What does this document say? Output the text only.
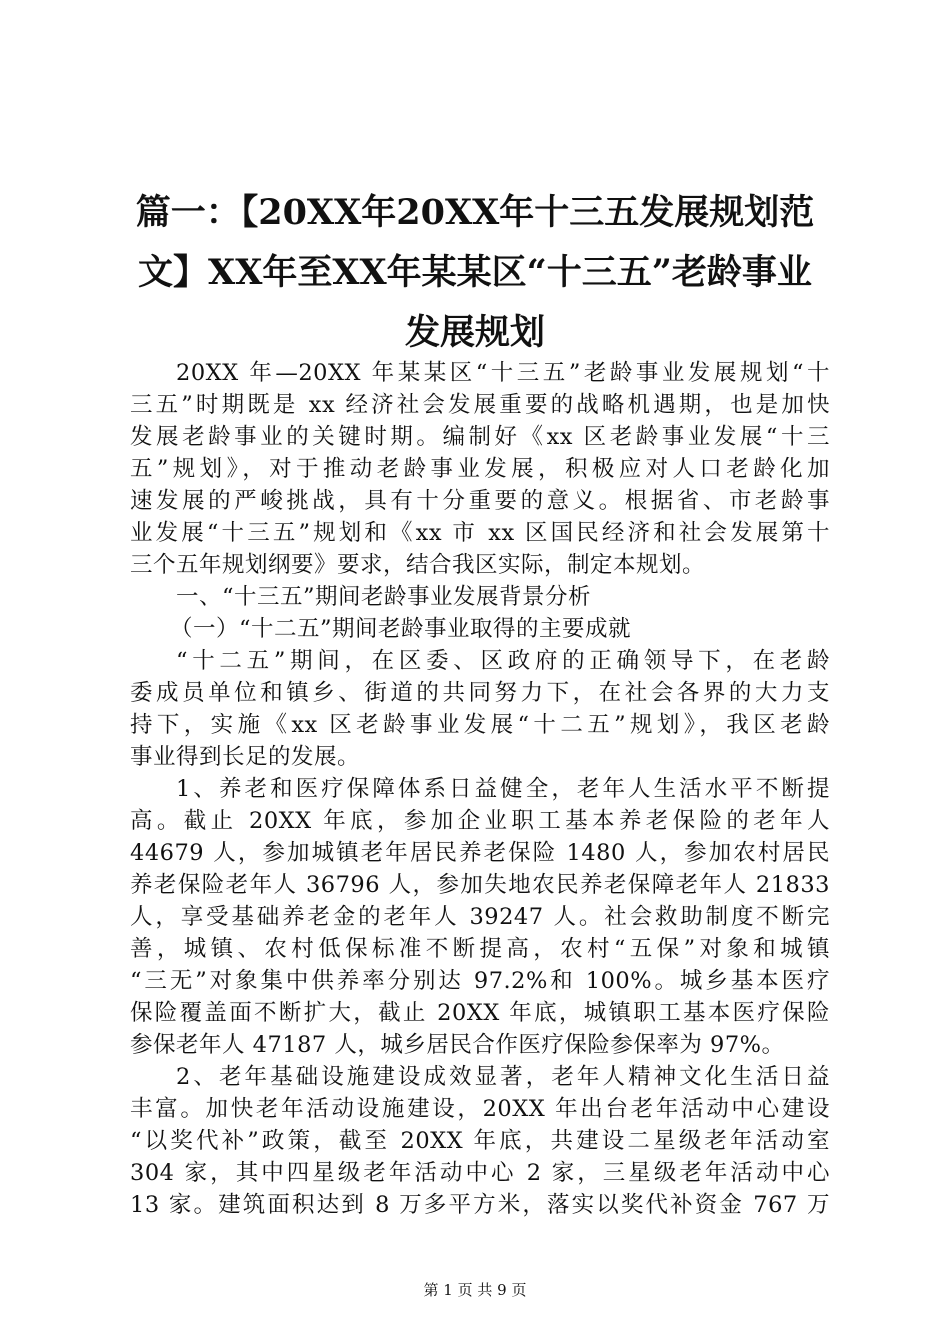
篇一：【20XX年20XX年十三五发展规划范
文】XX年至XX年某某区“十三五”老龄事业
发展规划
20XX 年—20XX 年某某区“十三五”老龄事业发展规划“十
三五”时期既是 xx 经济社会发展重要的战略机遇期，也是加快
发展老龄事业的关键时期。编制好《xx 区老龄事业发展“十三
五”规划》，对于推动老龄事业发展，积极应对人口老龄化加
速发展的严峻挑战，具有十分重要的意义。根据省、市老龄事
业发展“十三五”规划和《xx 市 xx 区国民经济和社会发展第十
三个五年规划纲要》要求，结合我区实际，制定本规划。
一、“十三五”期间老龄事业发展背景分析
（一）“十二五”期间老龄事业取得的主要成就
“十二五”期间，在区委、区政府的正确领导下，在老龄
委成员单位和镇乡、街道的共同努力下，在社会各界的大力支
持下，实施《xx 区老龄事业发展“十二五”规划》，我区老龄
事业得到长足的发展。
1、养老和医疗保障体系日益健全，老年人生活水平不断提
高。截止 20XX 年底，参加企业职工基本养老保险的老年人
44679 人，参加城镇老年居民养老保险 1480 人，参加农村居民
养老保险老年人 36796 人，参加失地农民养老保障老年人 21833
人，享受基础养老金的老年人 39247 人。社会救助制度不断完
善，城镇、农村低保标准不断提高，农村“五保”对象和城镇
“三无”对象集中供养率分别达 97.2%和 100%。城乡基本医疗
保险覆盖面不断扩大，截止 20XX 年底，城镇职工基本医疗保险
参保老年人 47187 人，城乡居民合作医疗保险参保率为 97%。
2、老年基础设施建设成效显著，老年人精神文化生活日益
丰富。加快老年活动设施建设，20XX 年出台老年活动中心建设
“以奖代补”政策，截至 20XX 年底，共建设二星级老年活动室
304 家，其中四星级老年活动中心 2 家，三星级老年活动中心
13 家。建筑面积达到 8 万多平方米，落实以奖代补资金 767 万
第 1 页 共 9 页
